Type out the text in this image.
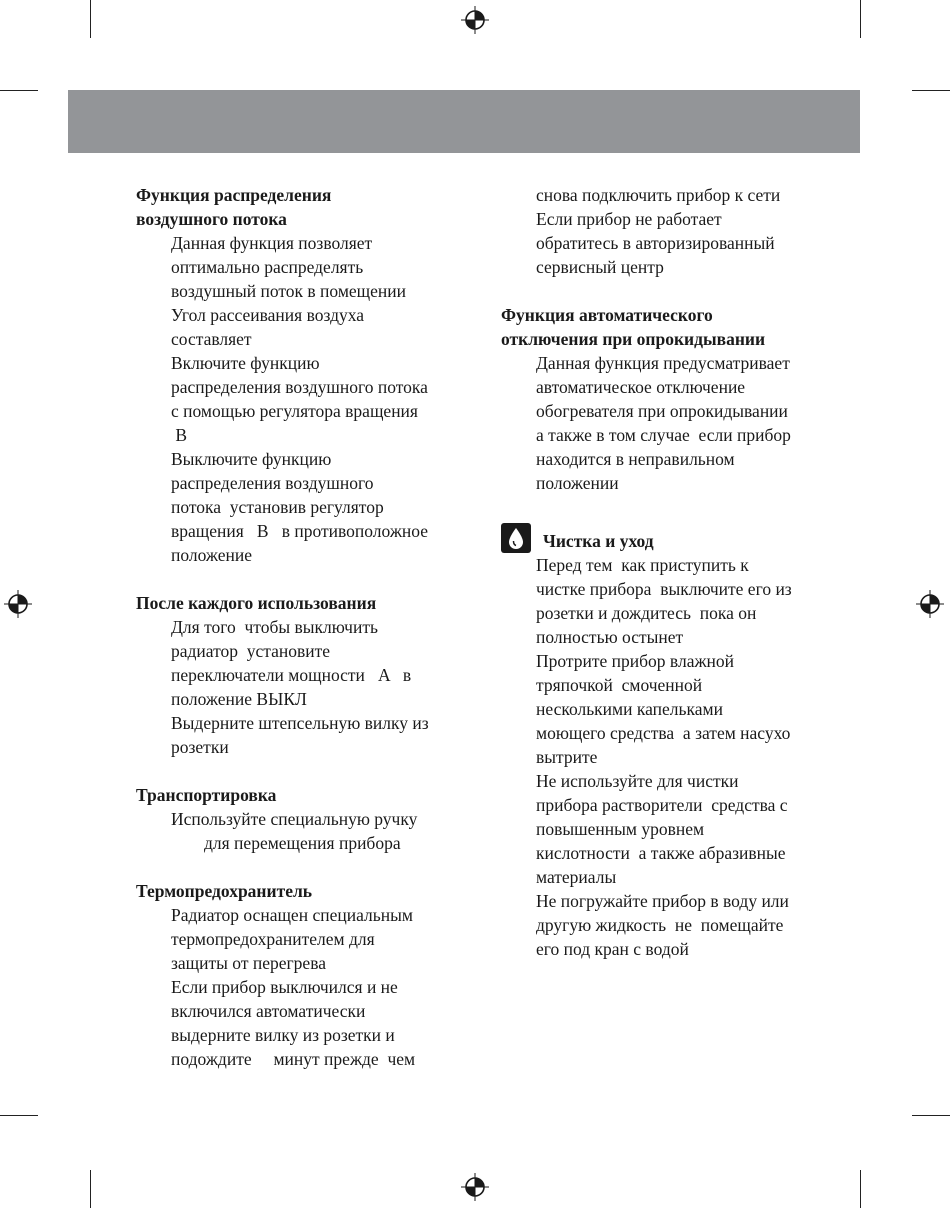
Функция распределения
воздушного потока

Данная функция позволяет
оптимально распределять
воздушный поток в помещении
Угол рассеивания воздуха
составляет
Включите функцию
распределения воздушного потока
с помощью регулятора вращения
B
Выключите функцию
распределения воздушного
потока  установив регулятор
вращения   B   в противоположное
положение

После каждого использования

Для того  чтобы выключить
радиатор  установите
переключатели мощности   A   в
положение ВЫКЛ
Выдерните штепсельную вилку из
розетки

Транспортировка

Используйте специальную ручку

для перемещения прибора

Термопредохранитель

Радиатор оснащен специальным
термопредохранителем для
защиты от перегрева
Если прибор выключился и не
включился автоматически
выдерните вилку из розетки и
подождите     минут прежде  чем
снова подключить прибор к сети
Если прибор не работает
обратитесь в авторизированный
сервисный центр

Функция автоматического
отключения при опрокидывании

Данная функция предусматривает
автоматическое отключение
обогревателя при опрокидывании
а также в том случае  если прибор
находится в неправильном
положении
Чистка и уход
Перед тем  как приступить к
чистке прибора  выключите его из
розетки и дождитесь  пока он
полностью остынет
Протрите прибор влажной
тряпочкой  смоченной
несколькими капельками
моющего средства  а затем насухо
вытрите
Не используйте для чистки
прибора растворители  средства с
повышенным уровнем
кислотности  а также абразивные
материалы
Не погружайте прибор в воду или
другую жидкость  не  помещайте
его под кран с водой
